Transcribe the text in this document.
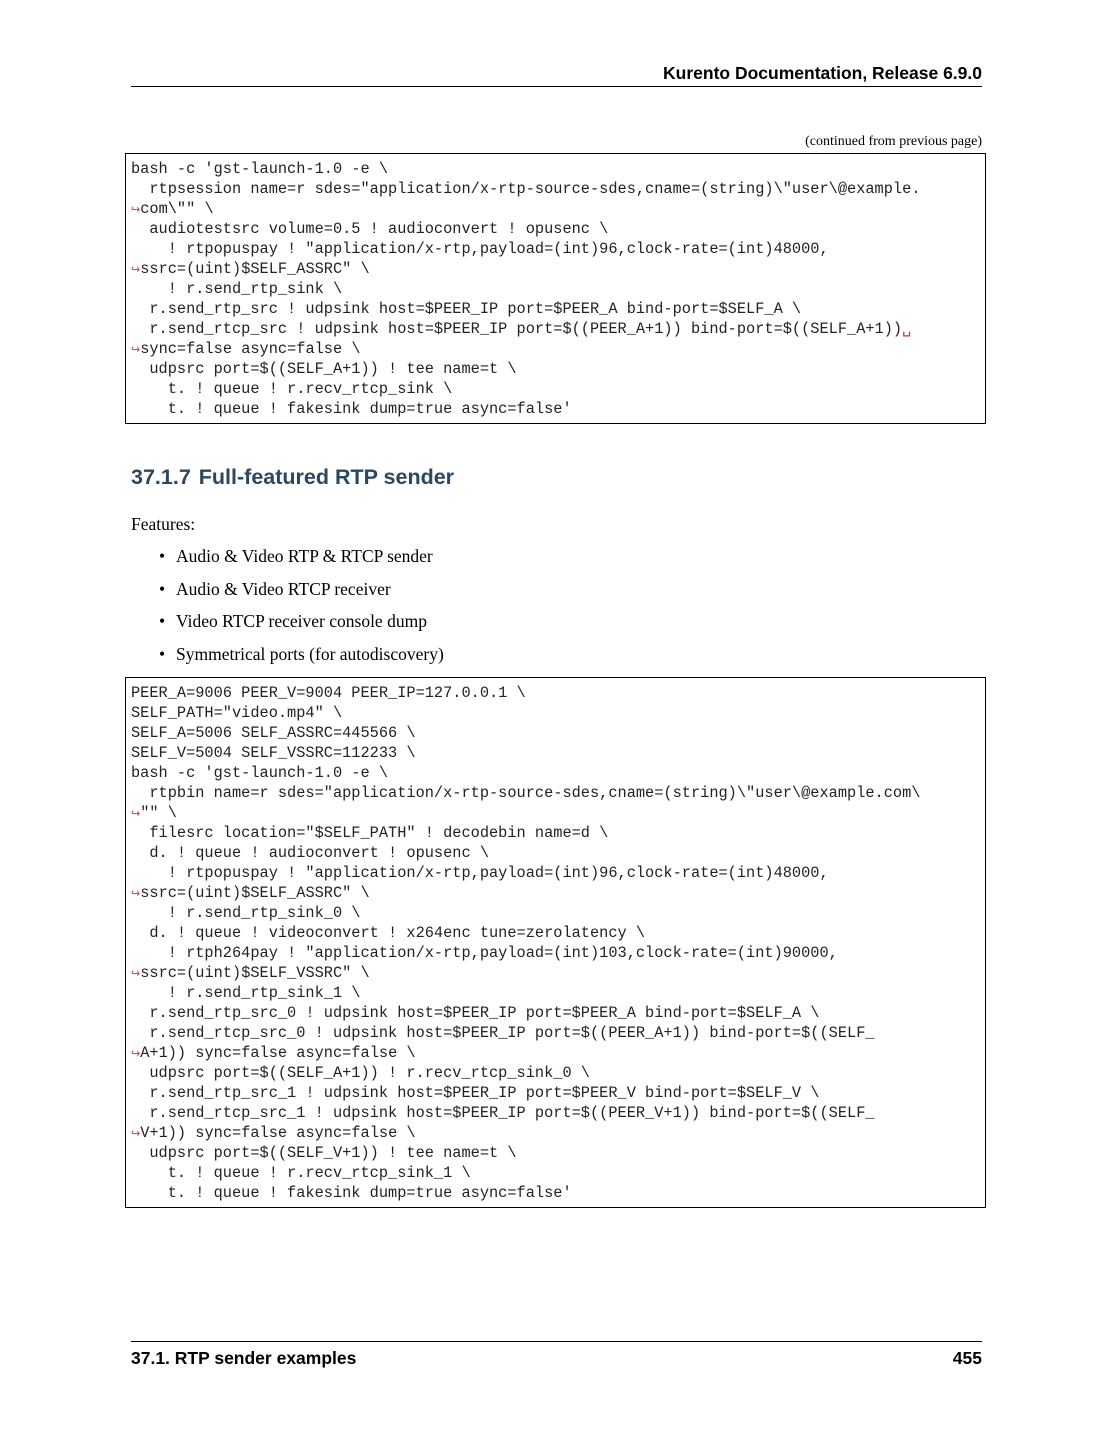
Kurento Documentation, Release 6.9.0
(continued from previous page)
bash -c 'gst-launch-1.0 -e \
rtpsession name=r sdes="application/x-rtp-source-sdes,cname=(string)\"user\@example.
↪com\"" \
audiotestsrc volume=0.5 ! audioconvert ! opusenc \
! rtpopuspay ! "application/x-rtp,payload=(int)96,clock-rate=(int)48000,
↪ssrc=(uint)$SELF_ASSRC" \
! r.send_rtp_sink \
r.send_rtp_src ! udpsink host=$PEER_IP port=$PEER_A bind-port=$SELF_A \
r.send_rtcp_src ! udpsink host=$PEER_IP port=$((PEER_A+1)) bind-port=$((SELF_A+1))␣
↪sync=false async=false \
udpsrc port=$((SELF_A+1)) ! tee name=t \
t. ! queue ! r.recv_rtcp_sink \
t. ! queue ! fakesink dump=true async=false'
37.1.7 Full-featured RTP sender
Features:
• Audio & Video RTP & RTCP sender
• Audio & Video RTCP receiver
• Video RTCP receiver console dump
• Symmetrical ports (for autodiscovery)
PEER_A=9006 PEER_V=9004 PEER_IP=127.0.0.1 \
SELF_PATH="video.mp4" \
SELF_A=5006 SELF_ASSRC=445566 \
SELF_V=5004 SELF_VSSRC=112233 \
bash -c 'gst-launch-1.0 -e \
rtpbin name=r sdes="application/x-rtp-source-sdes,cname=(string)\"user\@example.com\
↪"" \
filesrc location="$SELF_PATH" ! decodebin name=d \
d. ! queue ! audioconvert ! opusenc \
! rtpopuspay ! "application/x-rtp,payload=(int)96,clock-rate=(int)48000,
↪ssrc=(uint)$SELF_ASSRC" \
! r.send_rtp_sink_0 \
d. ! queue ! videoconvert ! x264enc tune=zerolatency \
! rtph264pay ! "application/x-rtp,payload=(int)103,clock-rate=(int)90000,
↪ssrc=(uint)$SELF_VSSRC" \
! r.send_rtp_sink_1 \
r.send_rtp_src_0 ! udpsink host=$PEER_IP port=$PEER_A bind-port=$SELF_A \
r.send_rtcp_src_0 ! udpsink host=$PEER_IP port=$((PEER_A+1)) bind-port=$((SELF_
↪A+1)) sync=false async=false \
udpsrc port=$((SELF_A+1)) ! r.recv_rtcp_sink_0 \
r.send_rtp_src_1 ! udpsink host=$PEER_IP port=$PEER_V bind-port=$SELF_V \
r.send_rtcp_src_1 ! udpsink host=$PEER_IP port=$((PEER_V+1)) bind-port=$((SELF_
↪V+1)) sync=false async=false \
udpsrc port=$((SELF_V+1)) ! tee name=t \
t. ! queue ! r.recv_rtcp_sink_1 \
t. ! queue ! fakesink dump=true async=false'
37.1. RTP sender examples	455
